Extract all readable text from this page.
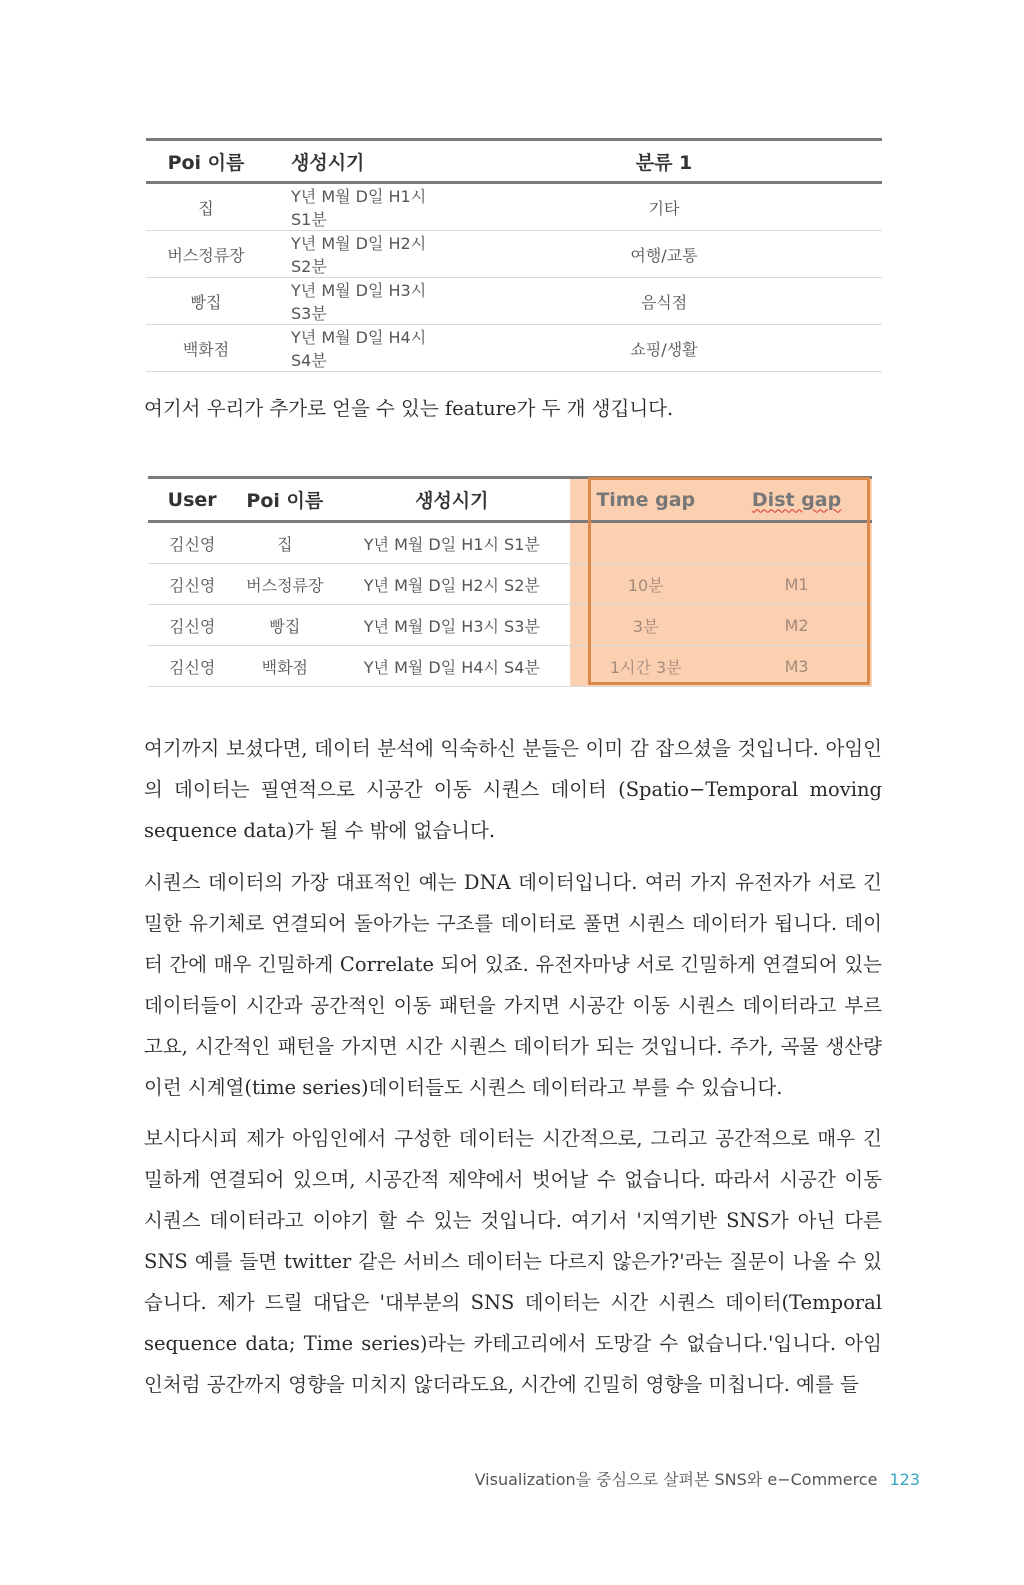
Poi 이름	생성시기	분류 1
집	Y년 M월 D일 H1시 S1분	기타
버스정류장	Y년 M월 D일 H2시 S2분	여행/교통
빵집	Y년 M월 D일 H3시 S3분	음식점
백화점	Y년 M월 D일 H4시 S4분	쇼핑/생활

여기서 우리가 추가로 얻을 수 있는 feature가 두 개 생깁니다.

User	Poi 이름	생성시기	Time gap	Dist gap
김신영	집	Y년 M월 D일 H1시 S1분		
김신영	버스정류장	Y년 M월 D일 H2시 S2분	10분	M1
김신영	빵집	Y년 M월 D일 H3시 S3분	3분	M2
김신영	백화점	Y년 M월 D일 H4시 S4분	1시간 3분	M3

여기까지 보셨다면, 데이터 분석에 익숙하신 분들은 이미 감 잡으셨을 것입니다. 아임인의 데이터는 필연적으로 시공간 이동 시퀀스 데이터 (Spatio−Temporal moving sequence data)가 될 수 밖에 없습니다.

시퀀스 데이터의 가장 대표적인 예는 DNA 데이터입니다. 여러 가지 유전자가 서로 긴밀한 유기체로 연결되어 돌아가는 구조를 데이터로 풀면 시퀀스 데이터가 됩니다. 데이터 간에 매우 긴밀하게 Correlate 되어 있죠. 유전자마냥 서로 긴밀하게 연결되어 있는 데이터들이 시간과 공간적인 이동 패턴을 가지면 시공간 이동 시퀀스 데이터라고 부르고요, 시간적인 패턴을 가지면 시간 시퀀스 데이터가 되는 것입니다. 주가, 곡물 생산량 이런 시계열(time series)데이터들도 시퀀스 데이터라고 부를 수 있습니다.

보시다시피 제가 아임인에서 구성한 데이터는 시간적으로, 그리고 공간적으로 매우 긴밀하게 연결되어 있으며, 시공간적 제약에서 벗어날 수 없습니다. 따라서 시공간 이동 시퀀스 데이터라고 이야기 할 수 있는 것입니다. 여기서 '지역기반 SNS가 아닌 다른 SNS 예를 들면 twitter 같은 서비스 데이터는 다르지 않은가?'라는 질문이 나올 수 있습니다. 제가 드릴 대답은 '대부분의 SNS 데이터는 시간 시퀀스 데이터(Temporal sequence data; Time series)라는 카테고리에서 도망갈 수 없습니다.'입니다. 아임인처럼 공간까지 영향을 미치지 않더라도요, 시간에 긴밀히 영향을 미칩니다. 예를 들

Visualization을 중심으로 살펴본 SNS와 e−Commerce 123
